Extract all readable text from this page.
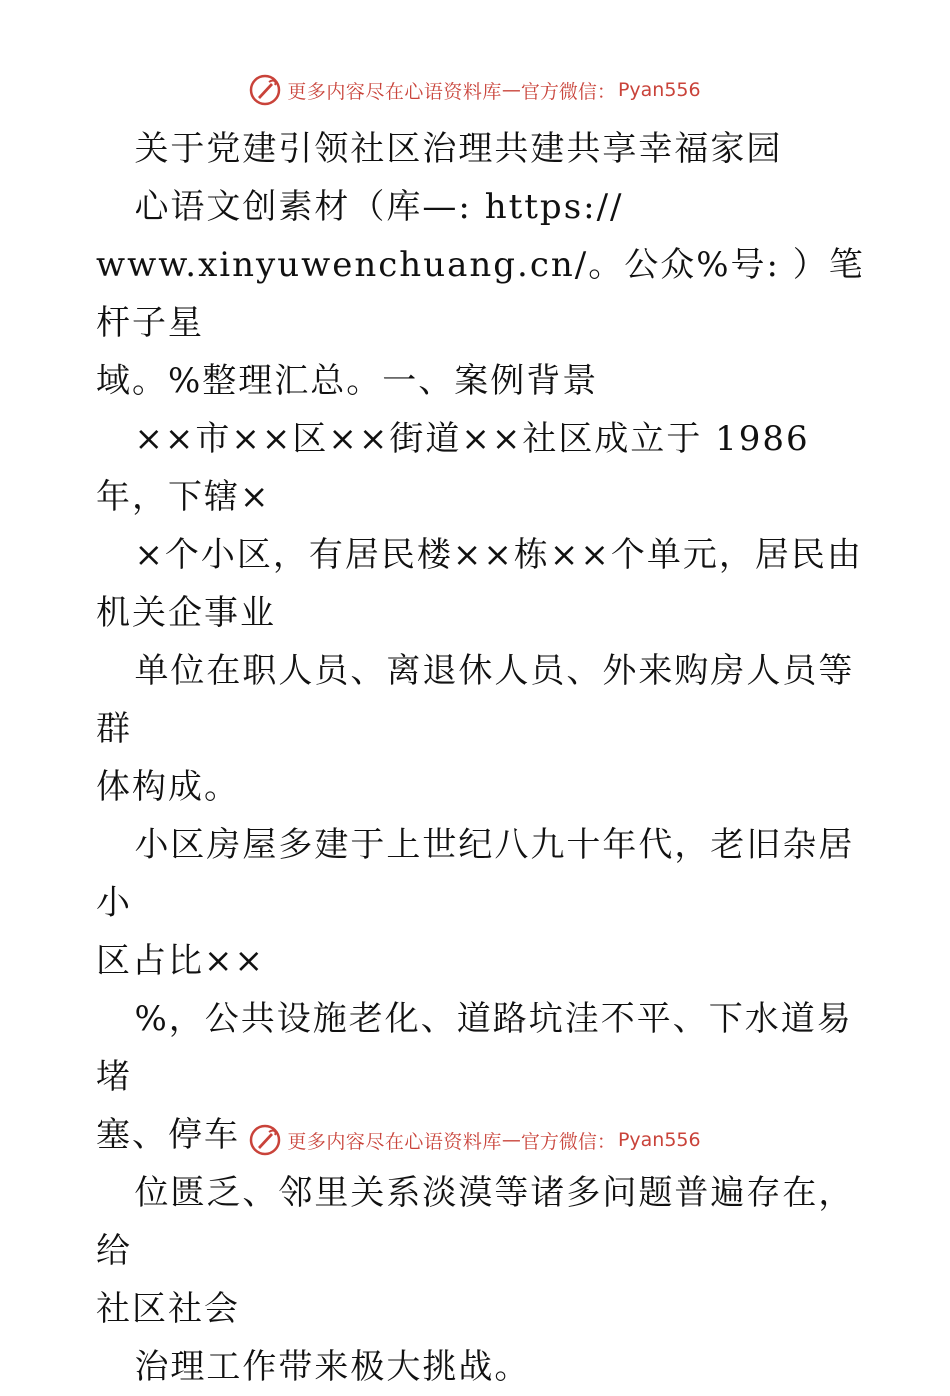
更多内容尽在心语资料库 — 官方微信： Pyan556

关于党建引领社区治理共建共享幸福家园

心语文创素材（库—: https://

www.xinyuwenchuang.cn/。公众%号: ）笔杆子星

域。%整理汇总。一、案例背景

××市××区××街道××社区成立于 1986

年，下辖×

×个小区，有居民楼××栋××个单元，居民由

机关企事业

单位在职人员、离退休人员、外来购房人员等群

体构成。

小区房屋多建于上世纪八九十年代，老旧杂居小

区占比××

%，公共设施老化、道路坑洼不平、下水道易堵

塞、停车

位匮乏、邻里关系淡漠等诸多问题普遍存在，给

社区社会

治理工作带来极大挑战。

更多内容尽在心语资料库 — 官方微信： Pyan556
